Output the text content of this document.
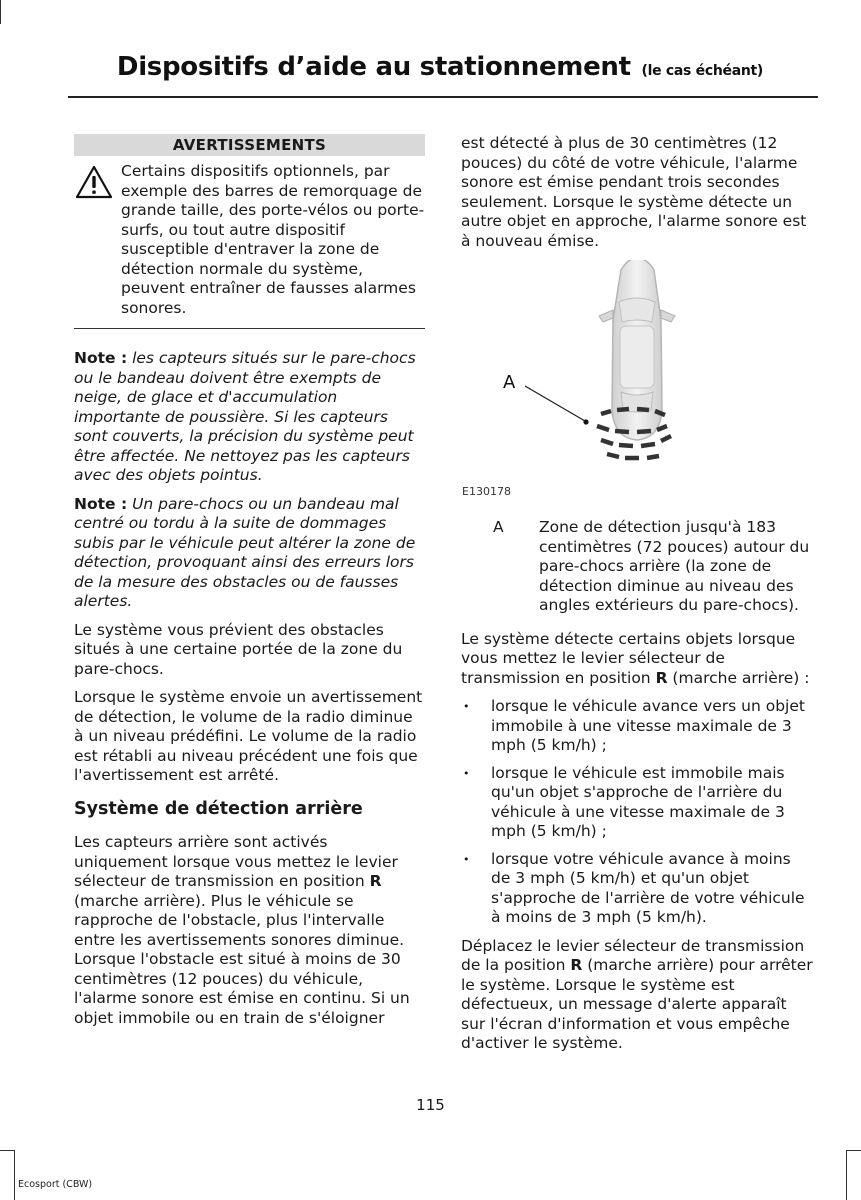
Dispositifs d’aide au stationnement (le cas échéant)
AVERTISSEMENTS
Certains dispositifs optionnels, par exemple des barres de remorquage de grande taille, des porte-vélos ou porte-surfs, ou tout autre dispositif susceptible d'entraver la zone de détection normale du système, peuvent entraîner de fausses alarmes sonores.
Note : les capteurs situés sur le pare-chocs ou le bandeau doivent être exempts de neige, de glace et d'accumulation importante de poussière. Si les capteurs sont couverts, la précision du système peut être affectée. Ne nettoyez pas les capteurs avec des objets pointus.
Note : Un pare-chocs ou un bandeau mal centré ou tordu à la suite de dommages subis par le véhicule peut altérer la zone de détection, provoquant ainsi des erreurs lors de la mesure des obstacles ou de fausses alertes.
Le système vous prévient des obstacles situés à une certaine portée de la zone du pare-chocs.
Lorsque le système envoie un avertissement de détection, le volume de la radio diminue à un niveau prédéfini. Le volume de la radio est rétabli au niveau précédent une fois que l'avertissement est arrêté.
Système de détection arrière
Les capteurs arrière sont activés uniquement lorsque vous mettez le levier sélecteur de transmission en position R (marche arrière). Plus le véhicule se rapproche de l'obstacle, plus l'intervalle entre les avertissements sonores diminue. Lorsque l'obstacle est situé à moins de 30 centimètres (12 pouces) du véhicule, l'alarme sonore est émise en continu. Si un objet immobile ou en train de s'éloigner
est détecté à plus de 30 centimètres (12 pouces) du côté de votre véhicule, l'alarme sonore est émise pendant trois secondes seulement. Lorsque le système détecte un autre objet en approche, l'alarme sonore est à nouveau émise.
A
E130178
A	Zone de détection jusqu'à 183 centimètres (72 pouces) autour du pare-chocs arrière (la zone de détection diminue au niveau des angles extérieurs du pare-chocs).
Le système détecte certains objets lorsque vous mettez le levier sélecteur de transmission en position R (marche arrière) :
• lorsque le véhicule avance vers un objet immobile à une vitesse maximale de 3 mph (5 km/h) ;
• lorsque le véhicule est immobile mais qu'un objet s'approche de l'arrière du véhicule à une vitesse maximale de 3 mph (5 km/h) ;
• lorsque votre véhicule avance à moins de 3 mph (5 km/h) et qu'un objet s'approche de l'arrière de votre véhicule à moins de 3 mph (5 km/h).
Déplacez le levier sélecteur de transmission de la position R (marche arrière) pour arrêter le système. Lorsque le système est défectueux, un message d'alerte apparaît sur l'écran d'information et vous empêche d'activer le système.
115
Ecosport (CBW)
